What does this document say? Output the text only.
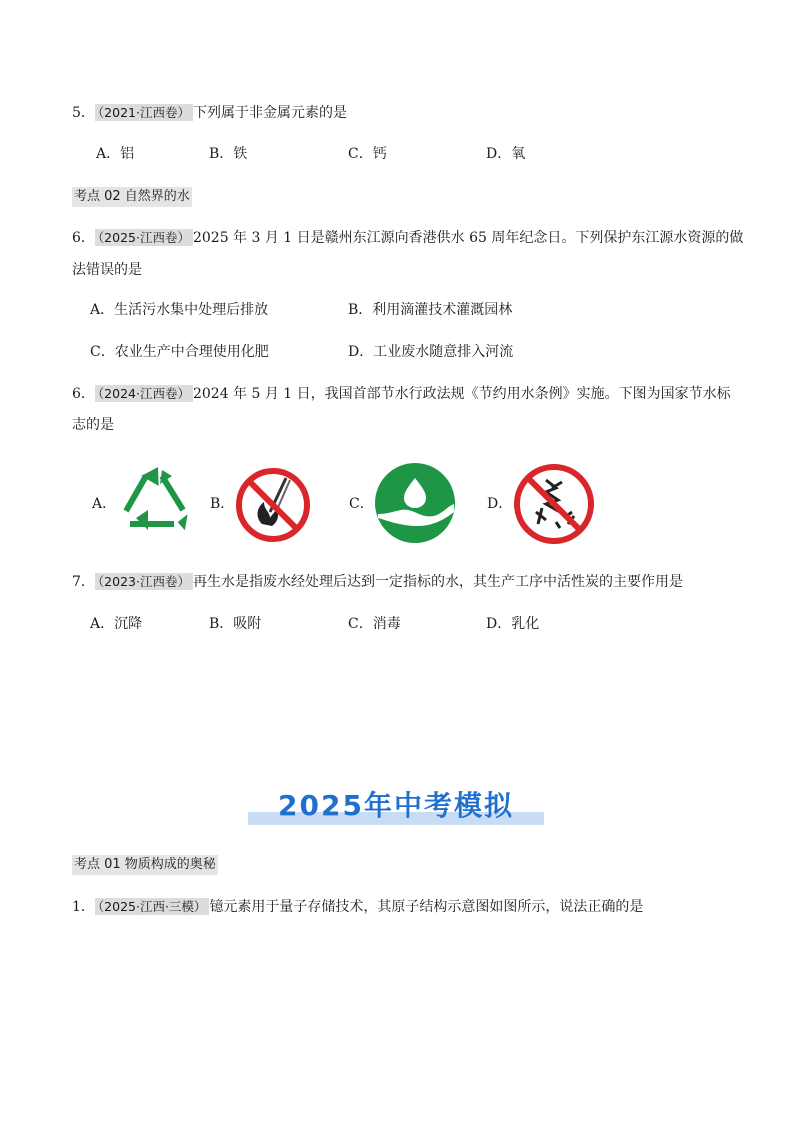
5． （2021·江西卷） 下列属于非金属元素的是
A．铝	B．铁	C．钙	D．氧
考点 02 自然界的水
6． （2025·江西卷） 2025 年 3 月 1 日是赣州东江源向香港供水 65 周年纪念日。下列保护东江源水资源的做
法错误的是
A．生活污水集中处理后排放	B．利用滴灌技术灌溉园林
C．农业生产中合理使用化肥	D．工业废水随意排入河流
6． （2024·江西卷） 2024 年 5 月 1 日，我国首部节水行政法规《节约用水条例》实施。下图为国家节水标
志的是
A．	B．	C．	D．
7． （2023·江西卷） 再生水是指废水经处理后达到一定指标的水，其生产工序中活性炭的主要作用是
A．沉降	B．吸附	C．消毒	D．乳化
2025年中考模拟
考点 01 物质构成的奥秘
1． （2025·江西·三模） 镱元素用于量子存储技术，其原子结构示意图如图所示，说法正确的是
